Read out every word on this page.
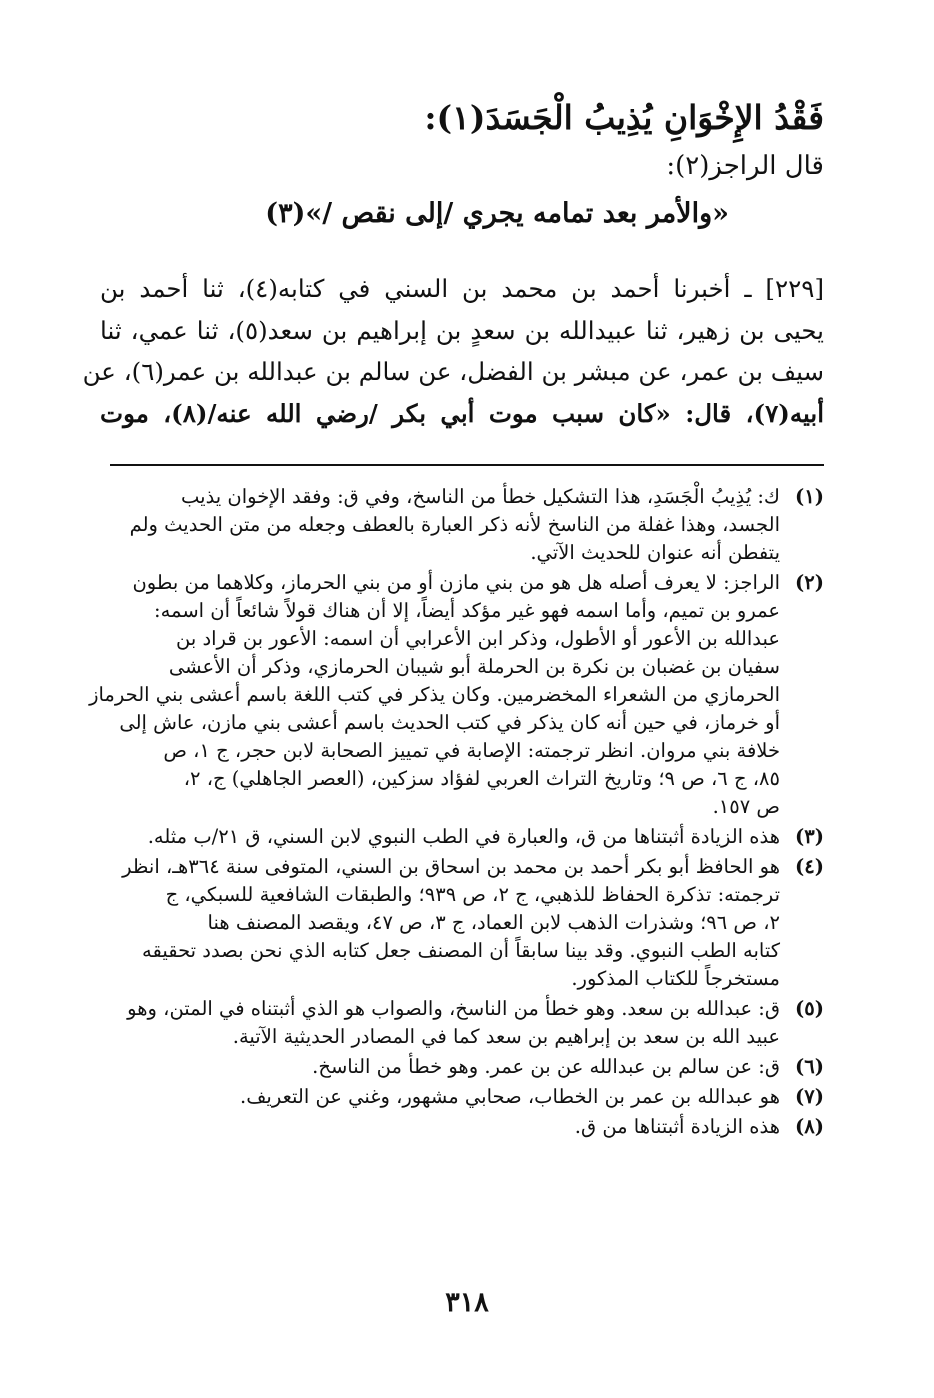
فَقْدُ الإِخْوَانِ يُذِيبُ الْجَسَدَ(١):
قال الراجز(٢):
«والأمر بعد تمامه يجري /إلى نقص /»(٣)
[٢٢٩] ـ أخبرنا أحمد بن محمد بن السني في كتابه(٤)، ثنا أحمد بن
يحيى بن زهير، ثنا عبيدالله بن سعدٍ بن إبراهيم بن سعد(٥)، ثنا عمي، ثنا
سيف بن عمر، عن مبشر بن الفضل، عن سالم بن عبدالله بن عمر(٦)، عن
أبيه(٧)، قال: «كان سبب موت أبي بكر /رضي الله عنه/(٨)، موت
(١)
ك: يُذِيبُ الْجَسَدِ، هذا التشكيل خطأ من الناسخ، وفي ق: وفقد الإخوان يذيب
الجسد، وهذا غفلة من الناسخ لأنه ذكر العبارة بالعطف وجعله من متن الحديث ولم
يتفطن أنه عنوان للحديث الآتي.
(٢)
الراجز: لا يعرف أصله هل هو من بني مازن أو من بني الحرماز، وكلاهما من بطون
عمرو بن تميم، وأما اسمه فهو غير مؤكد أيضاً، إلا أن هناك قولاً شائعاً أن اسمه:
عبدالله بن الأعور أو الأطول، وذكر ابن الأعرابي أن اسمه: الأعور بن قراد بن
سفيان بن غضبان بن نكرة بن الحرملة أبو شيبان الحرمازي، وذكر أن الأعشى
الحرمازي من الشعراء المخضرمين. وكان يذكر في كتب اللغة باسم أعشى بني الحرماز
أو خرماز، في حين أنه كان يذكر في كتب الحديث باسم أعشى بني مازن، عاش إلى
خلافة بني مروان. انظر ترجمته: الإصابة في تمييز الصحابة لابن حجر، ج ١، ص
٨٥، ج ٦، ص ٩؛ وتاريخ التراث العربي لفؤاد سزكين، (العصر الجاهلي) ج، ٢،
ص ١٥٧.
(٣)
هذه الزيادة أثبتناها من ق، والعبارة في الطب النبوي لابن السني، ق ٢١/ب مثله.
(٤)
هو الحافظ أبو بكر أحمد بن محمد بن اسحاق بن السني، المتوفى سنة ٣٦٤هـ، انظر
ترجمته: تذكرة الحفاظ للذهبي، ج ٢، ص ٩٣٩؛ والطبقات الشافعية للسبكي، ج
٢، ص ٩٦؛ وشذرات الذهب لابن العماد، ج ٣، ص ٤٧، ويقصد المصنف هنا
كتابه الطب النبوي. وقد بينا سابقاً أن المصنف جعل كتابه الذي نحن بصدد تحقيقه
مستخرجاً للكتاب المذكور.
(٥)
ق: عبدالله بن سعد. وهو خطأ من الناسخ، والصواب هو الذي أثبتناه في المتن، وهو
عبيد الله بن سعد بن إبراهيم بن سعد كما في المصادر الحديثية الآتية.
(٦)
ق: عن سالم بن عبدالله عن بن عمر. وهو خطأ من الناسخ.
(٧)
هو عبدالله بن عمر بن الخطاب، صحابي مشهور، وغني عن التعريف.
(٨)
هذه الزيادة أثبتناها من ق.
٣١٨
